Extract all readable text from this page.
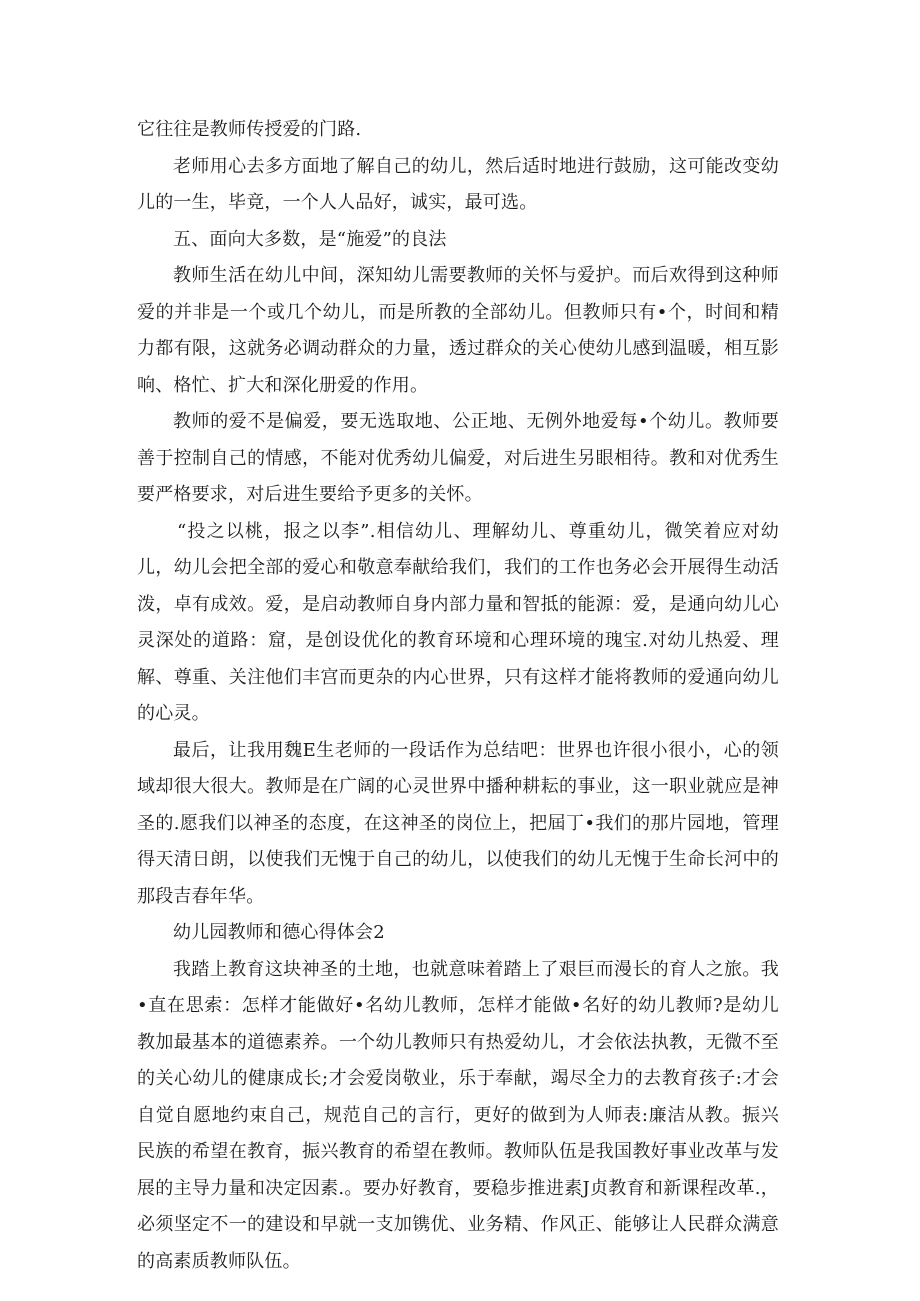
它往往是教师传授爱的门路.

老师用心去多方面地了解自己的幼儿，然后适时地进行鼓励，这可能改变幼儿的一生，毕竟，一个人人品好，诚实，最可选。

五、面向大多数，是“施爱”的良法

教师生活在幼儿中间，深知幼儿需要教师的关怀与爱护。而后欢得到这种师爱的并非是一个或几个幼儿，而是所教的全部幼儿。但教师只有•个，时间和精力都有限，这就务必调动群众的力量，透过群众的关心使幼儿感到温暖，相互影响、格忙、扩大和深化册爱的作用。

教师的爱不是偏爱，要无选取地、公正地、无例外地爱每•个幼儿。教师要善于控制自己的情感，不能对优秀幼儿偏爱，对后进生另眼相待。教和对优秀生要严格要求，对后进生要给予更多的关怀。

“投之以桃，报之以李”.相信幼儿、理解幼儿、尊重幼儿，微笑着应对幼儿，幼儿会把全部的爱心和敬意奉献给我们，我们的工作也务必会开展得生动活泼，卓有成效。爱，是启动教师自身内部力量和智抵的能源：爱，是通向幼儿心灵深处的道路：窟，是创设优化的教育环境和心理环境的瑰宝.对幼儿热爱、理解、尊重、关注他们丰宫而更杂的内心世界，只有这样才能将教师的爱通向幼儿的心灵。

最后，让我用魏E生老师的一段话作为总结吧：世界也许很小很小，心的领域却很大很大。教师是在广阔的心灵世界中播种耕耘的事业，这一职业就应是神圣的.愿我们以神圣的态度，在这神圣的岗位上，把屆丁•我们的那片园地，管理得天清日朗，以使我们无愧于自己的幼儿，以使我们的幼儿无愧于生命长河中的那段吉春年华。

幼儿园教师和德心得体会2

我踏上教育这块神圣的土地，也就意味着踏上了艰巨而漫长的育人之旅。我•直在思索：怎样才能做好•名幼儿教师，怎样才能做•名好的幼儿教师?是幼儿教加最基本的道德素养。一个幼儿教师只有热爱幼儿，才会依法执教，无微不至的关心幼儿的健康成长;才会爱岗敬业，乐于奉献，竭尽全力的去教育孩子:才会自觉自愿地约束自己，规范自己的言行，更好的做到为人师表:廉洁从教。振兴民族的希望在教育，振兴教育的希望在教师。教师队伍是我国教好事业改革与发展的主导力量和决定因素.。要办好教育，要稳步推进素J贞教育和新课程改革.，必须坚定不一的建设和早就一支加镌优、业务精、作风正、能够让人民群众满意的高素质教师队伍。
